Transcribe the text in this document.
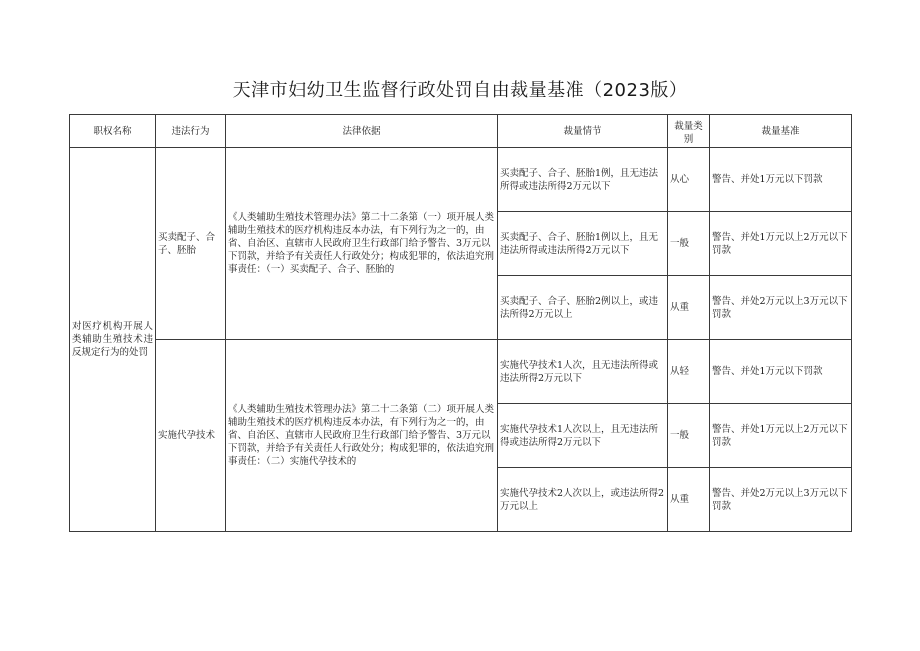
天津市妇幼卫生监督行政处罚自由裁量基准（2023版）
职权名称	违法行为	法律依据	裁量情节	裁量类别	裁量基准
对医疗机构开展人类辅助生殖技术违反规定行为的处罚	买卖配子、合子、胚胎	《人类辅助生殖技术管理办法》第二十二条第（一）项开展人类辅助生殖技术的医疗机构违反本办法，有下列行为之一的，由省、自治区、直辖市人民政府卫生行政部门给予警告、3万元以下罚款，并给予有关责任人行政处分；构成犯罪的，依法追究刑事责任：（一）买卖配子、合子、胚胎的	买卖配子、合子、胚胎1例，且无违法所得或违法所得2万元以下	从心	警告、并处1万元以下罚款
			买卖配子、合子、胚胎1例以上，且无违法所得或违法所得2万元以下	一般	警告、并处1万元以上2万元以下罚款
			买卖配子、合子、胚胎2例以上，或违法所得2万元以上	从重	警告、并处2万元以上3万元以下罚款
	实施代孕技术	《人类辅助生殖技术管理办法》第二十二条第（二）项开展人类辅助生殖技术的医疗机构违反本办法，有下列行为之一的，由省、自治区、直辖市人民政府卫生行政部门给予警告、3万元以下罚款，并给予有关责任人行政处分；构成犯罪的，依法追究刑事责任：（二）实施代孕技术的	实施代孕技术1人次，且无违法所得或违法所得2万元以下	从轻	警告、并处1万元以下罚款
			实施代孕技术1人次以上，且无违法所得或违法所得2万元以下	一般	警告、并处1万元以上2万元以下罚款
			实施代孕技术2人次以上，或违法所得2万元以上	从重	警告、并处2万元以上3万元以下罚款
